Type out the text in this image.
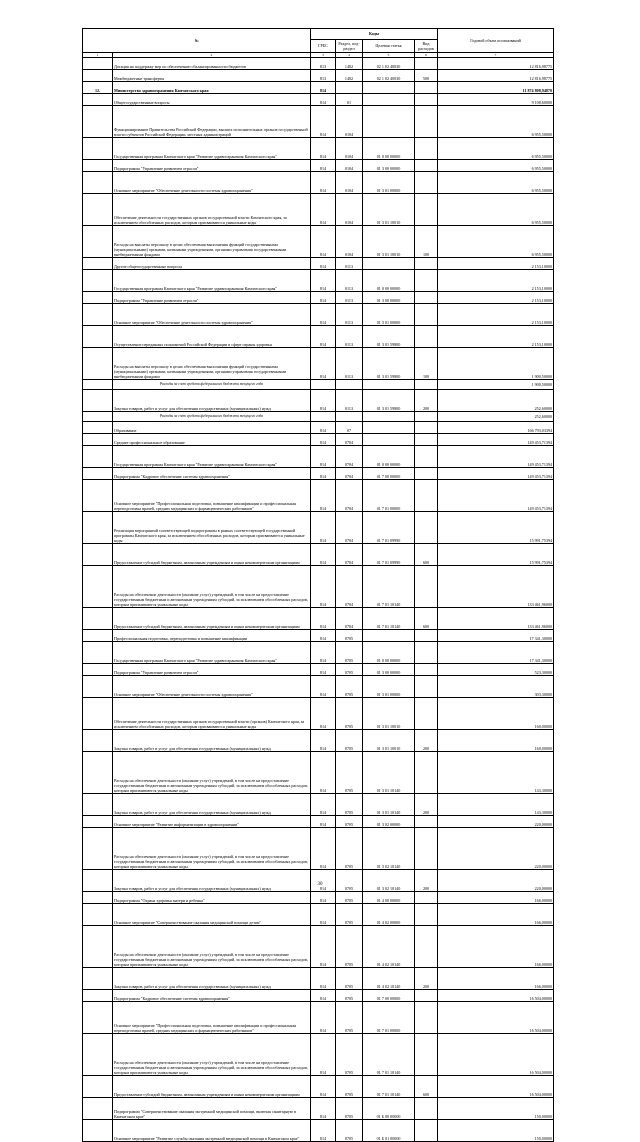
№		Коды				Годовой объем ассигнований
		ГРБС	Раздел, под-раздел	Целевая статья	Вид расходов	
1	2	3	4	5	6	7
	Дотация на поддержку мер по обеспечению сбалансированности бюджетов	813	1402	02 1 02 40030		12 816,98775
	Межбюджетные трансферты	813	1402	02 1 02 40030	500	12 816,98775
12.	Министерство здравоохранения Камчатского края	814				11 874 808,94870
	Общегосударственные вопросы	814	01			9 108,60000
	Функционирование Правительства Российской Федерации, высших исполнительных органов государственной власти субъектов Российской Федерации, местных администраций	814	0104			6 955,50000
	Государственная программа Камчатского края "Развитие здравоохранения Камчатского края"	814	0104	01 0 00 00000		6 955,50000
	Подпрограмма "Управление развитием отрасли"	814	0104	01 3 00 00000		6 955,50000
	Основное мероприятие "Обеспечение деятельности системы здравоохранения"	814	0104	01 3 01 00000		6 955,50000
	Обеспечение деятельности государственных органов государственной власти Камчатского края, за исключением обособленных расходов, которым присваиваются уникальные коды	814	0104	01 3 01 10010		6 955,50000
	Расходы на выплаты персоналу в целях обеспечения выполнения функций государственными (муниципальными) органами, казенными учреждениями, органами управления государственными внебюджетными фондами	814	0104	01 3 01 10010	100	6 955,50000
	Другие общегосударственные вопросы	814	0113			2 153,10000
	Государственная программа Камчатского края "Развитие здравоохранения Камчатского края"	814	0113	01 0 00 00000		2 153,10000
	Подпрограмма "Управление развитием отрасли"	814	0113	01 3 00 00000		2 153,10000
	Основное мероприятие "Обеспечение деятельности системы здравоохранения"	814	0113	01 3 01 00000		2 153,10000
	Осуществление переданных полномочий Российской Федерации в сфере охраны здоровья	814	0113	01 3 01 59800		2 153,10000
	Расходы на выплаты персоналу в целях обеспечения выполнения функций государственными (муниципальными) органами, казенными учреждениями, органами управления государственными внебюджетными фондами	814	0113	01 3 01 59800	100	1 900,50000
	Расходы за счет средств федерального бюджета текущего года					1 900,50000
	Закупка товаров, работ и услуг для обеспечения государственных (муниципальных) нужд	814	0113	01 3 01 59800	200	252,60000
	Расходы за счет средств федерального бюджета текущего года					252,60000
	Образование	814	07			166 793,03394
	Среднее профессиональное образование	814	0704			149 453,71394
	Государственная программа Камчатского края "Развитие здравоохранения Камчатского края"	814	0704	01 0 00 00000		149 453,71394
	Подпрограмма "Кадровое обеспечение системы здравоохранения"	814	0704	01 7 00 00000		149 453,71394
	Основное мероприятие "Профессиональная подготовка, повышение квалификации и профессиональная переподготовка врачей, средних медицинских и фармацевтических работников"	814	0704	01 7 01 00000		149 453,71394
	Реализация мероприятий соответствующей подпрограммы в рамках соответствующей государственной программы Камчатского края, за исключением обособленных расходов, которым присваиваются уникальные коды	814	0704	01 7 01 09990		15 991,75394
	Предоставление субсидий бюджетным, автономным учреждениям и иным некоммерческим организациям	814	0704	01 7 01 09990	600	15 991,75394
	Расходы на обеспечение деятельности (оказание услуг) учреждений, в том числе на предоставление государственным бюджетным и автономным учреждениям субсидий, за исключением обособленных расходов, которым присваиваются уникальные коды	814	0704	01 7 01 10140		133 461,96000
	Предоставление субсидий бюджетным, автономным учреждениям и иным некоммерческим организациям	814	0704	01 7 01 10140	600	133 461,96000
	Профессиональная подготовка, переподготовка и повышение квалификации	814	0705			17 341,30000
	Государственная программа Камчатского края "Развитие здравоохранения Камчатского края"	814	0705	01 0 00 00000		17 341,30000
	Подпрограмма "Управление развитием отрасли"	814	0705	01 3 00 00000		523,30000
	Основное мероприятие "Обеспечение деятельности системы здравоохранения"	814	0705	01 3 01 00000		303,30000
	Обеспечение деятельности государственных органов государственной власти (органов) Камчатского края, за исключением обособленных расходов, которым присваиваются уникальные коды	814	0705	01 3 01 10010		160,00000
	Закупка товаров, работ и услуг для обеспечения государственных (муниципальных) нужд	814	0705	01 3 01 10010	200	160,00000
	Расходы на обеспечение деятельности (оказание услуг) учреждений, в том числе на предоставление государственным бюджетным и автономным учреждениям субсидий, за исключением обособленных расходов, которым присваиваются уникальные коды	814	0705	01 3 01 10140		143,30000
	Закупка товаров, работ и услуг для обеспечения государственных (муниципальных) нужд	814	0705	01 3 01 10140	200	143,30000
	Основное мероприятие "Развитие информатизации в здравоохранении"	814	0705	01 3 02 00000		220,00000
	Расходы на обеспечение деятельности (оказание услуг) учреждений, в том числе на предоставление государственным бюджетным и автономным учреждениям субсидий, за исключением обособленных расходов, которым присваиваются уникальные коды	814	0705	01 3 02 10140		220,00000
	Закупка товаров, работ и услуг для обеспечения государственных (муниципальных) нужд	814	0705	01 3 02 10140	200	220,00000
	Подпрограмма "Охрана здоровья матери и ребенка"	814	0705	01 4 00 00000		166,00000
	Основное мероприятие "Совершенствование оказания медицинской помощи детям"	814	0705	01 4 02 00000		166,00000
	Расходы на обеспечение деятельности (оказание услуг) учреждений, в том числе на предоставление государственным бюджетным и автономным учреждениям субсидий, за исключением обособленных расходов, которым присваиваются уникальные коды	814	0705	01 4 02 10140		166,00000
	Закупка товаров, работ и услуг для обеспечения государственных (муниципальных) нужд	814	0705	01 4 02 10140	200	166,00000
	Подпрограмма "Кадровое обеспечение системы здравоохранения"	814	0705	01 7 00 00000		16 504,00000
	Основное мероприятие "Профессиональная подготовка, повышение квалификации и профессиональная переподготовка врачей, средних медицинских и фармацевтических работников"	814	0705	01 7 01 00000		16 504,00000
	Расходы на обеспечение деятельности (оказание услуг) учреждений, в том числе на предоставление государственным бюджетным и автономным учреждениям субсидий, за исключением обособленных расходов, которым присваиваются уникальные коды	814	0705	01 7 01 10140		16 504,00000
	Предоставление субсидий бюджетным, автономным учреждениям и иным некоммерческим организациям	814	0705	01 7 01 10140	600	16 504,00000
	Подпрограмма "Совершенствование оказания экстренной медицинской помощи, включая санитарную в Камчатском крае"	814	0705	01 Б 00 00000		150,00000
	Основное мероприятие "Развитие службы оказания экстренной медицинской помощи в Камчатском крае"	814	0705	01 Б 01 00000		150,00000
30
